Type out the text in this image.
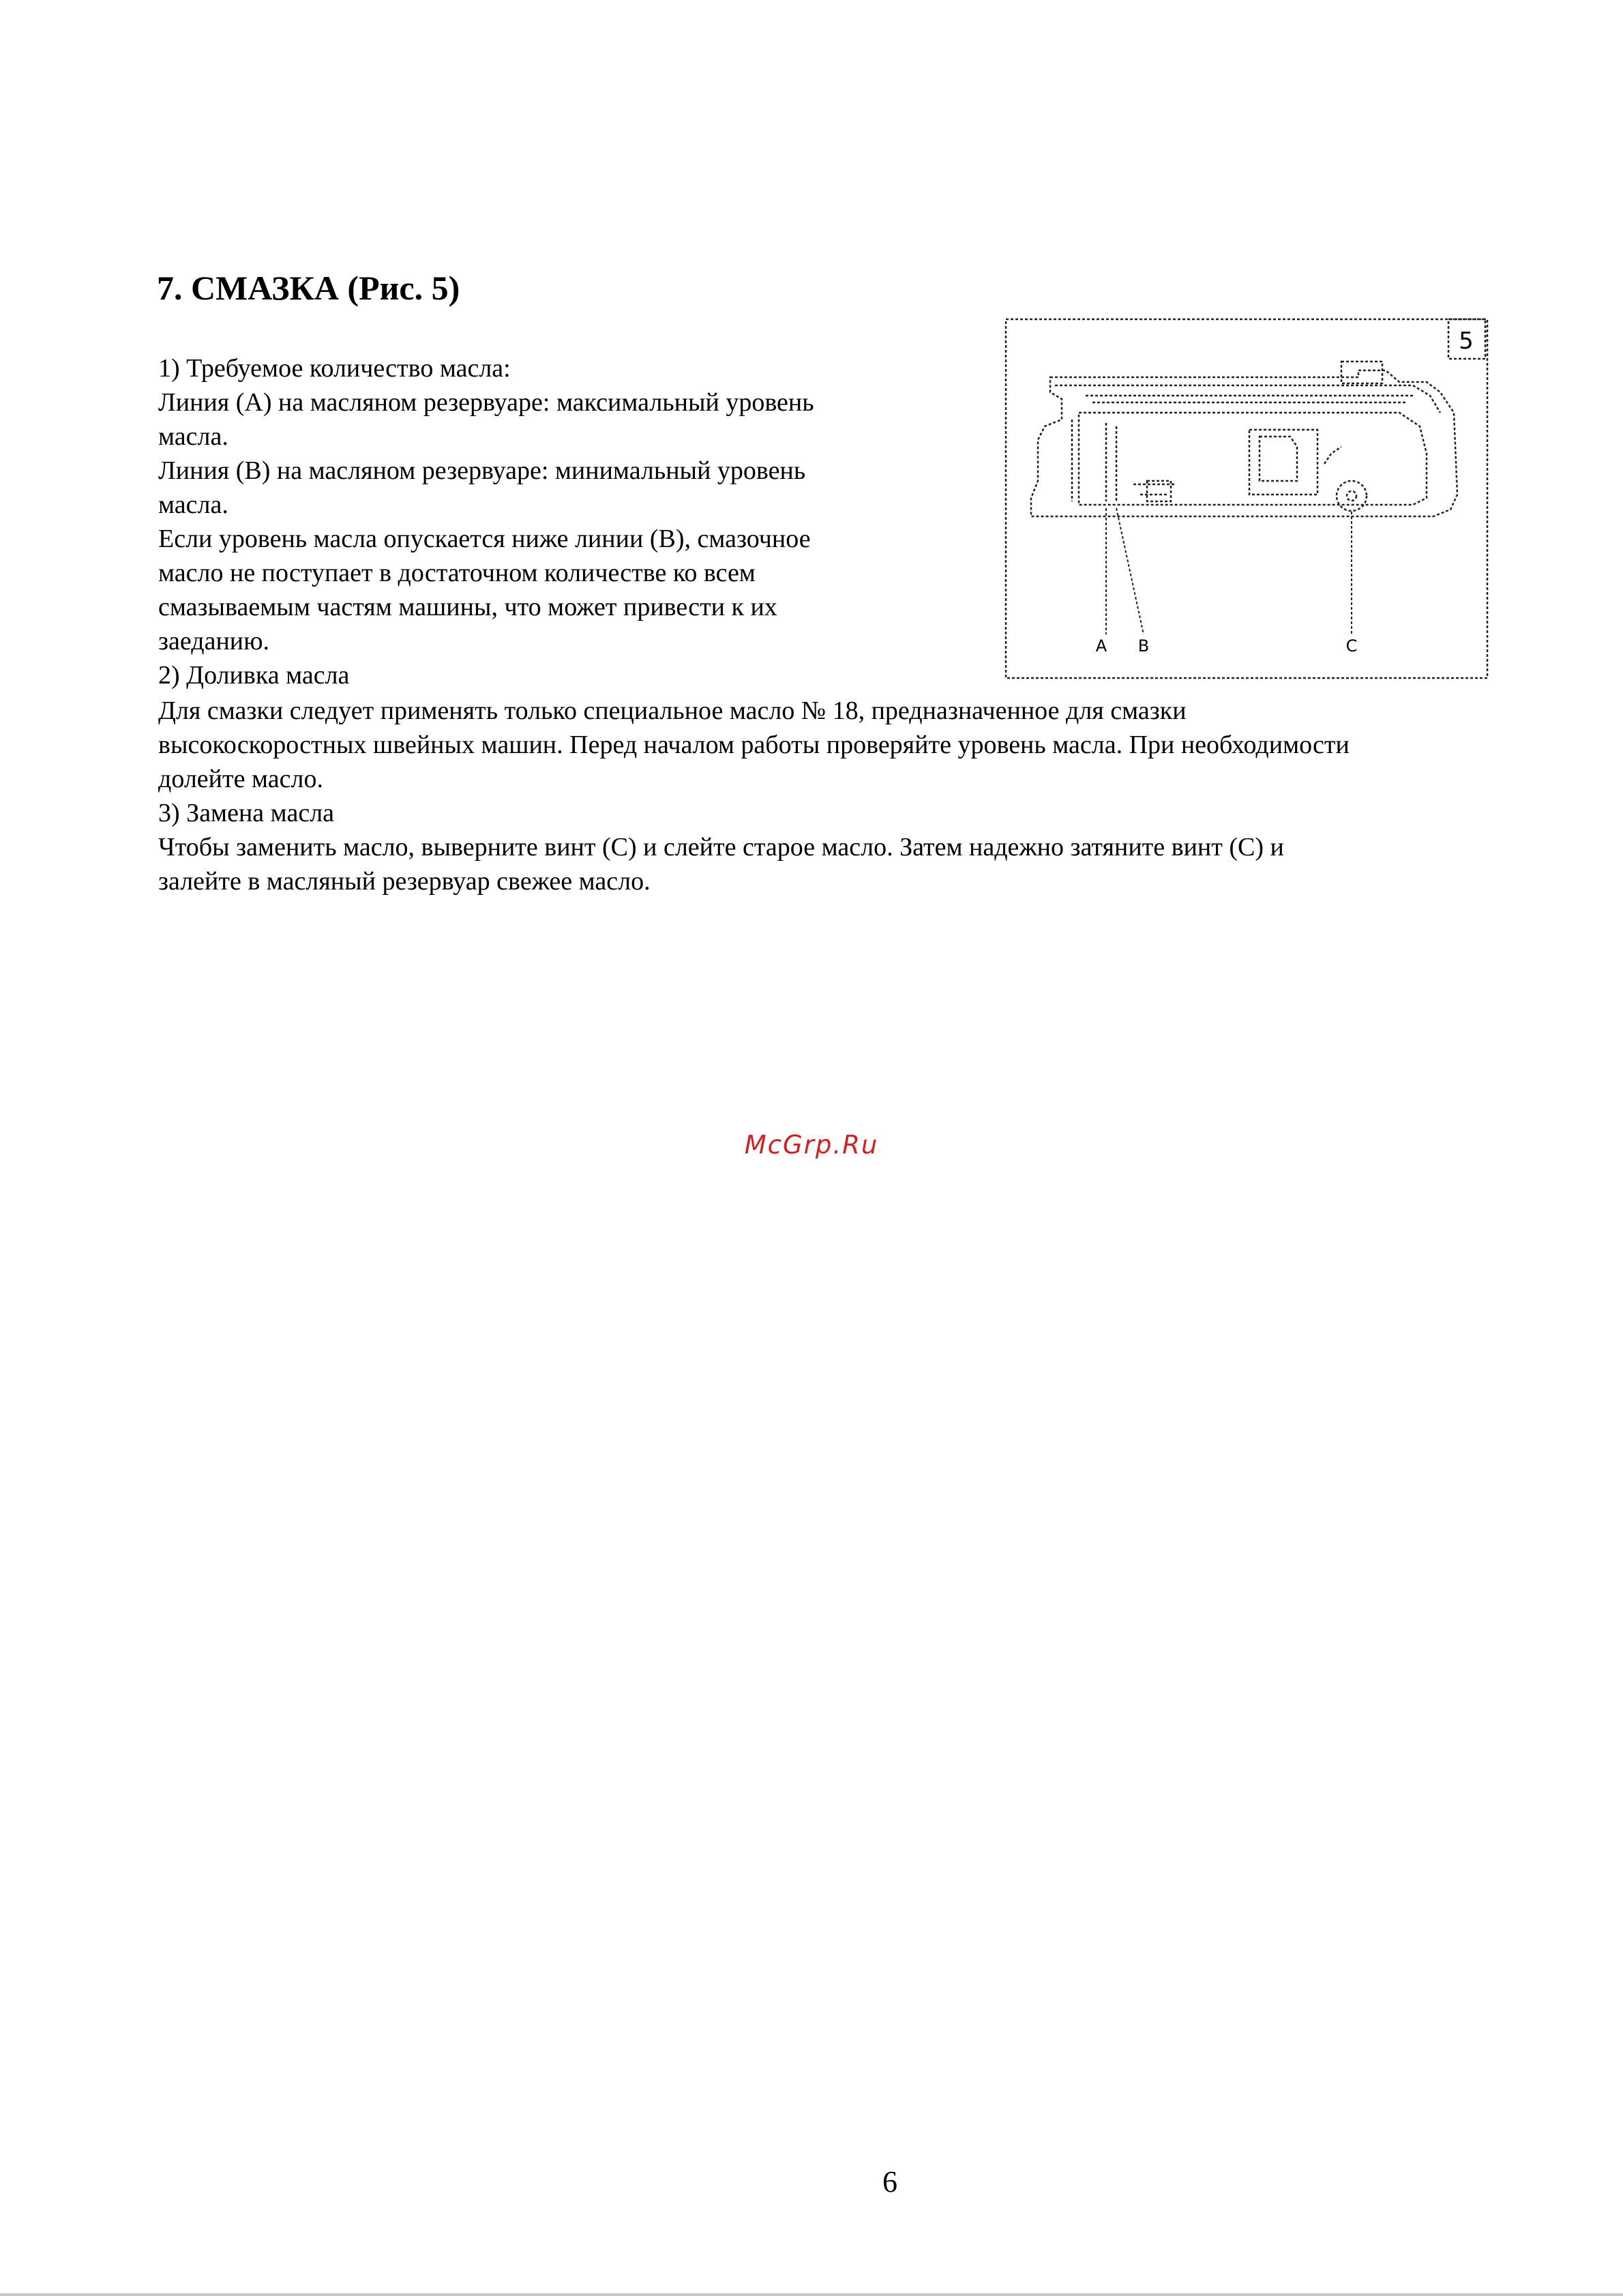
7. СМАЗКА (Рис. 5)

1) Требуемое количество масла:

Линия (A) на масляном резервуаре: максимальный уровень

масла.

Линия (B) на масляном резервуаре: минимальный уровень

масла.

Если уровень масла опускается ниже линии (B), смазочное

масло не поступает в достаточном количестве ко всем

смазываемым частям машины, что может привести к их

заеданию.

2) Доливка масла

Для смазки следует применять только специальное масло № 18, предназначенное для смазки

высокоскоростных швейных машин. Перед началом работы проверяйте уровень масла. При необходимости

долейте масло.

3) Замена масла

Чтобы заменить масло, выверните винт (C) и слейте старое масло. Затем надежно затяните винт (C) и

залейте в масляный резервуар свежее масло.

5
A B	C
McGrp.Ru
6
